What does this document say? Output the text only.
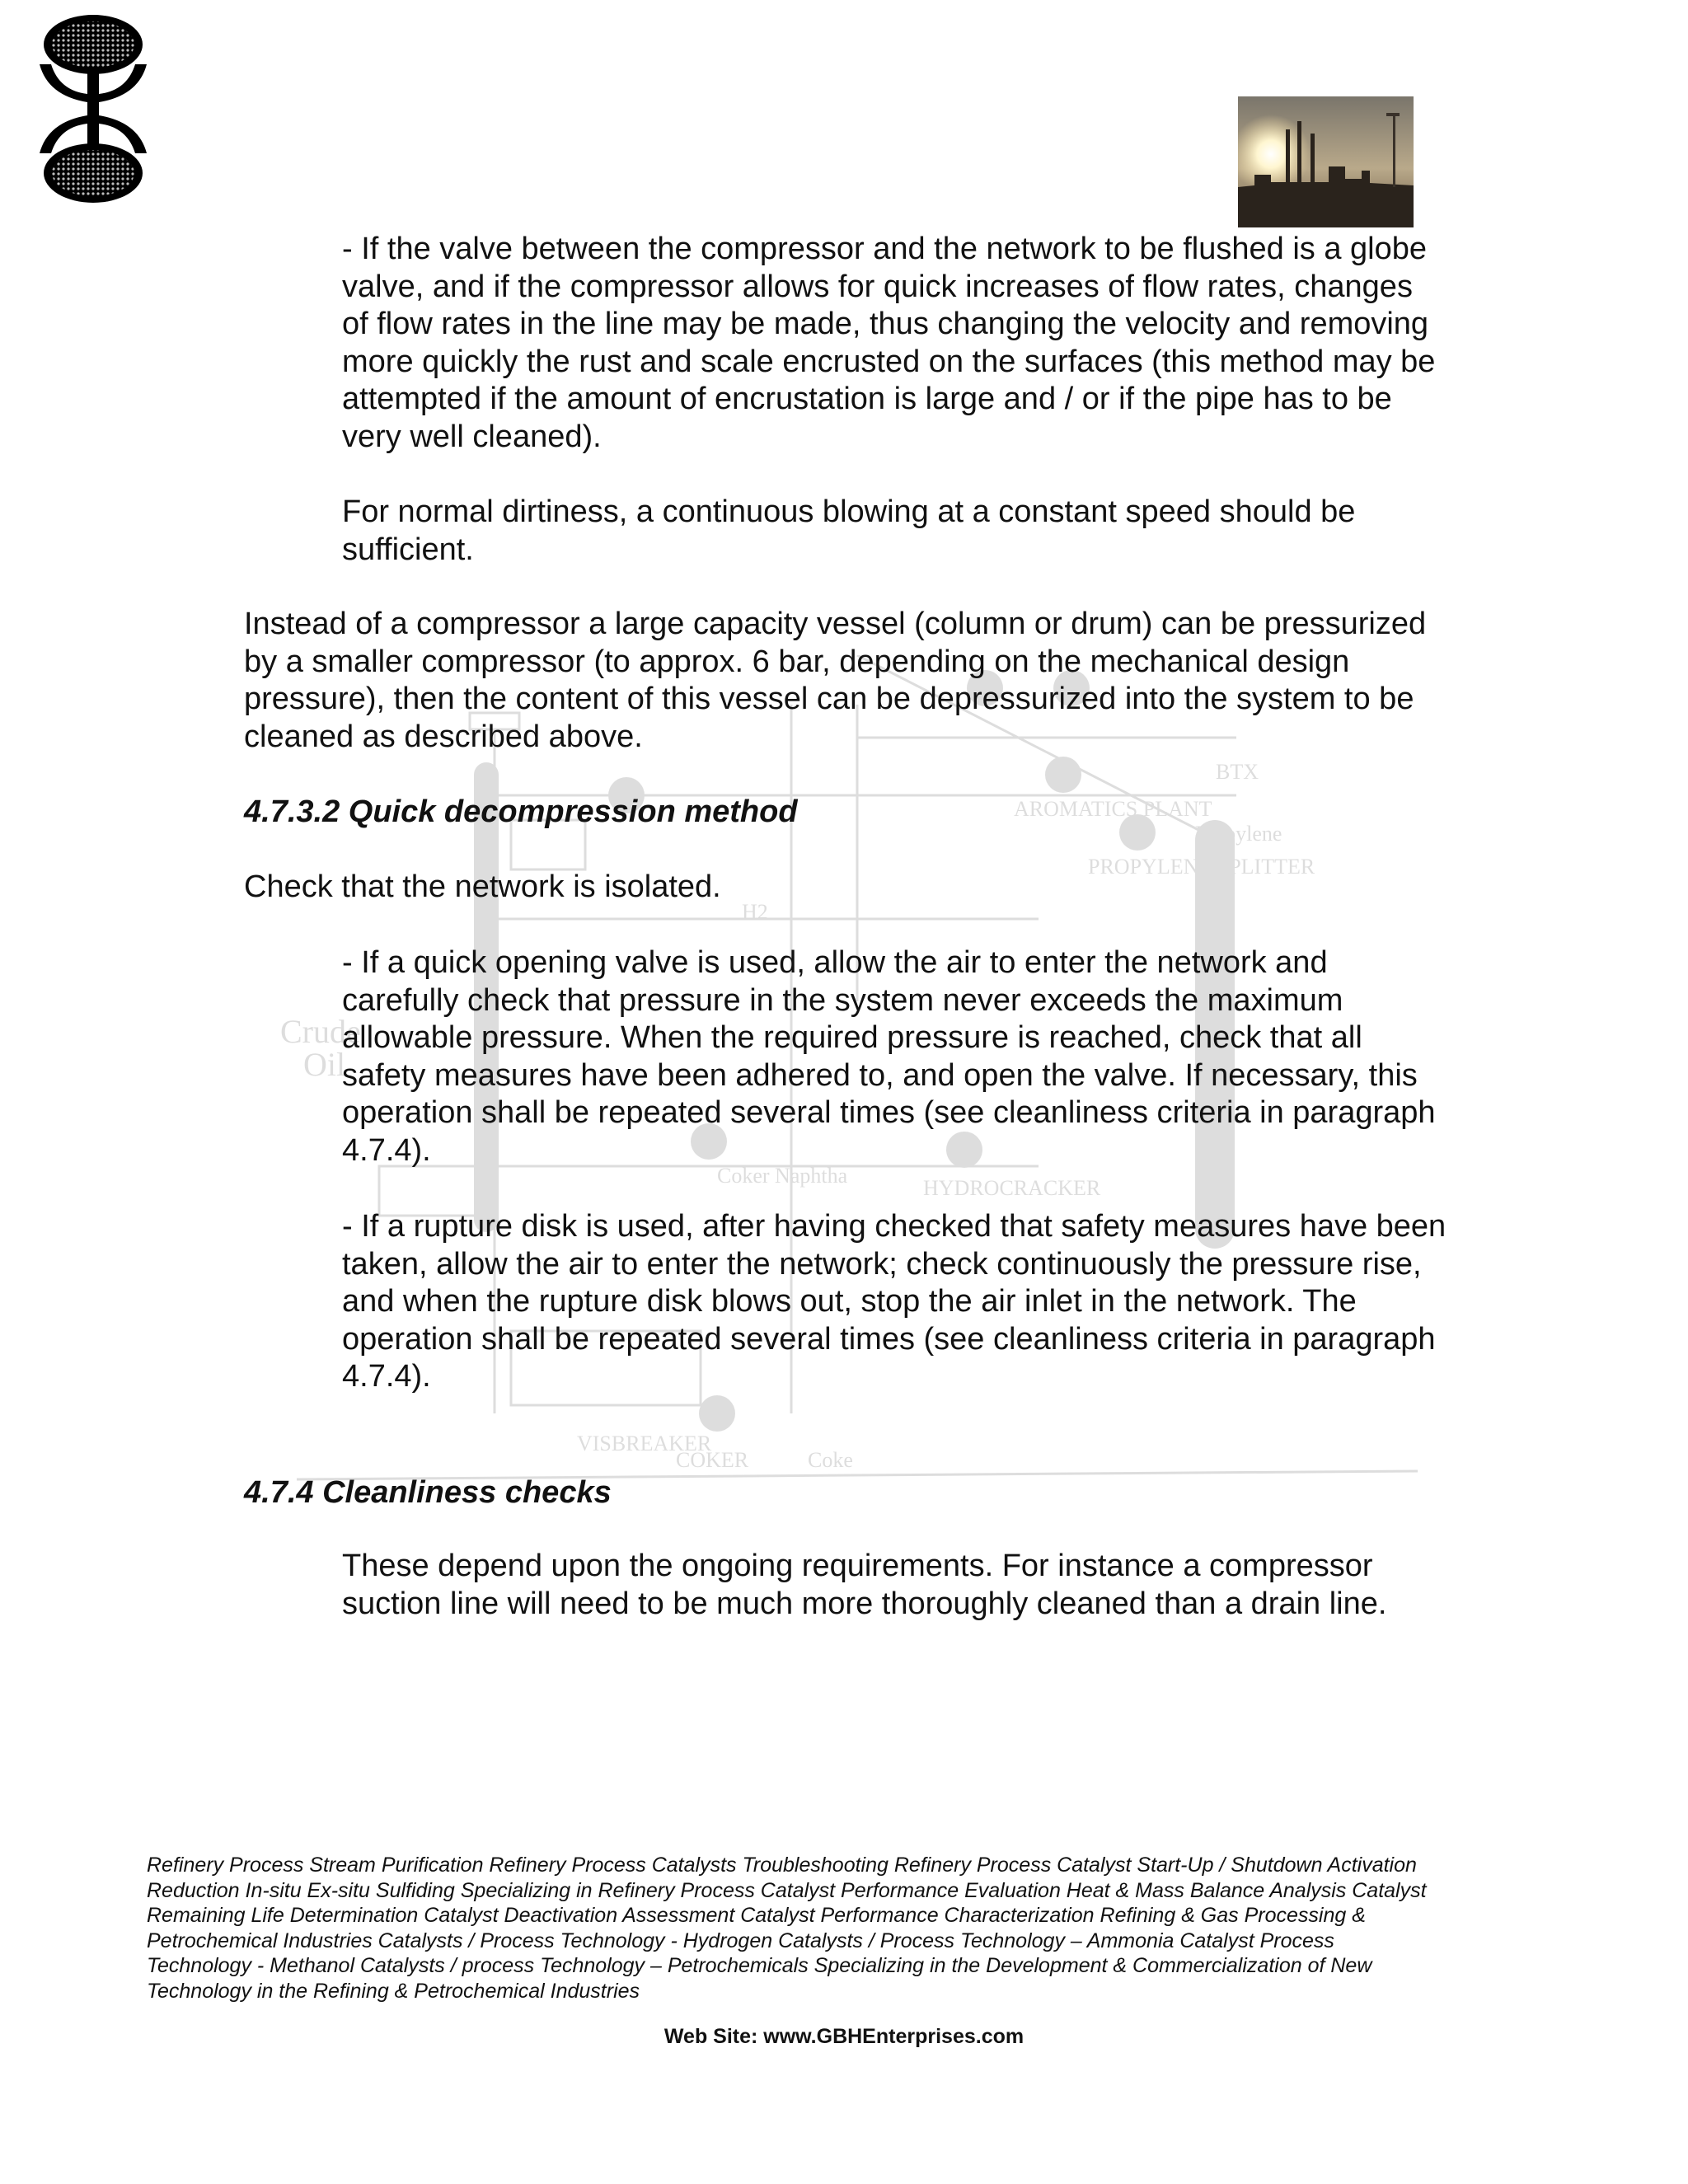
Crude
Oil
AROMATICS PLANT
PROPYLENE SPLITTER
Propylene
BTX
HYDROCRACKER
VISBREAKER
COKER	Coke
Coker Naphtha
H2

- If the valve between the compressor and the network to be flushed is a globe valve, and if the compressor allows for quick increases of flow rates, changes of flow rates in the line may be made, thus changing the velocity and removing more quickly the rust and scale encrusted on the surfaces (this method may be attempted if the amount of encrustation is large and / or if the pipe has to be very well cleaned).

For normal dirtiness, a continuous blowing at a constant speed should be sufficient.

Instead of a compressor a large capacity vessel (column or drum) can be pressurized by a smaller compressor (to approx. 6 bar, depending on the mechanical design pressure), then the content of this vessel can be depressurized into the system to be cleaned as described above.

4.7.3.2 Quick decompression method

Check that the network is isolated.

- If a quick opening valve is used, allow the air to enter the network and carefully check that pressure in the system never exceeds the maximum allowable pressure. When the required pressure is reached, check that all safety measures have been adhered to, and open the valve. If necessary, this operation shall be repeated several times (see cleanliness criteria in paragraph 4.7.4).

- If a rupture disk is used, after having checked that safety measures have been taken, allow the air to enter the network; check continuously the pressure rise, and when the rupture disk blows out, stop the air inlet in the network. The operation shall be repeated several times (see cleanliness criteria in paragraph 4.7.4).

4.7.4 Cleanliness checks

These depend upon the ongoing requirements. For instance a compressor suction line will need to be much more thoroughly cleaned than a drain line.

Refinery Process Stream Purification Refinery Process Catalysts Troubleshooting Refinery Process Catalyst Start-Up / Shutdown Activation Reduction In-situ Ex-situ Sulfiding Specializing in Refinery Process Catalyst Performance Evaluation Heat & Mass Balance Analysis Catalyst Remaining Life Determination Catalyst Deactivation Assessment Catalyst Performance Characterization Refining & Gas Processing & Petrochemical Industries Catalysts / Process Technology - Hydrogen Catalysts / Process Technology – Ammonia Catalyst Process Technology - Methanol Catalysts / process Technology – Petrochemicals Specializing in the Development & Commercialization of New Technology in the Refining & Petrochemical Industries

Web Site: www.GBHEnterprises.com
